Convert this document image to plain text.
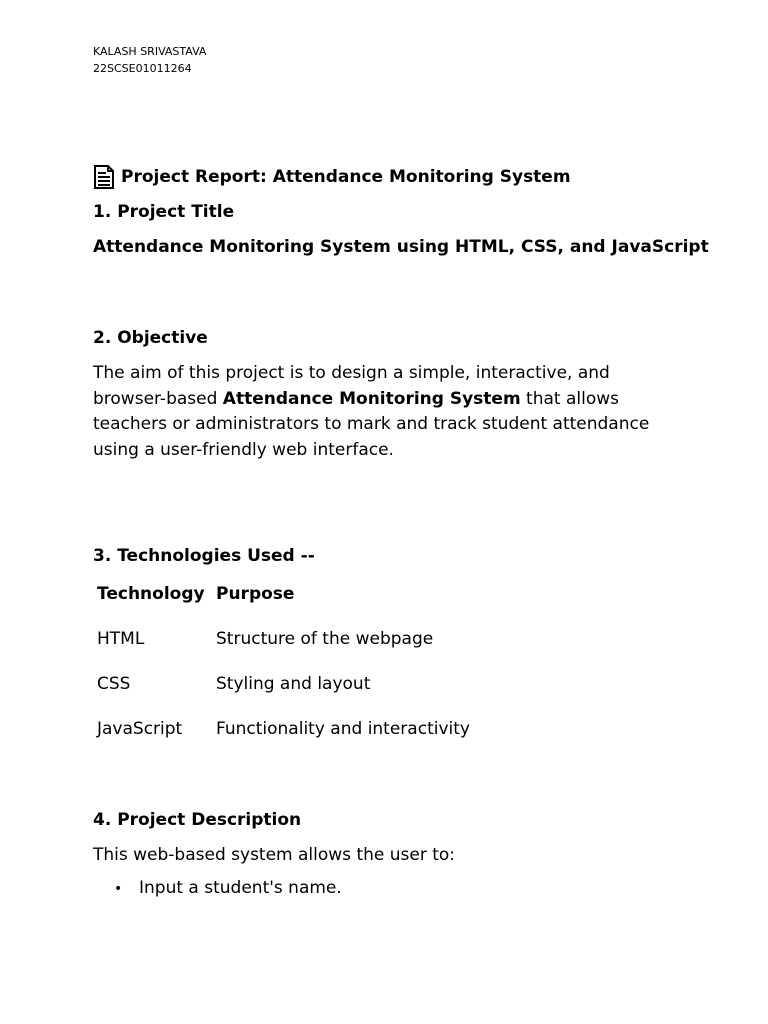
KALASH SRIVASTAVA
22SCSE01011264
Project Report: Attendance Monitoring System
1. Project Title
Attendance Monitoring System using HTML, CSS, and JavaScript
2. Objective
The aim of this project is to design a simple, interactive, and browser-based Attendance Monitoring System that allows teachers or administrators to mark and track student attendance using a user-friendly web interface.
3. Technologies Used --
Technology	Purpose
HTML	Structure of the webpage
CSS	Styling and layout
JavaScript	Functionality and interactivity
4. Project Description
This web-based system allows the user to:
• Input a student's name.
